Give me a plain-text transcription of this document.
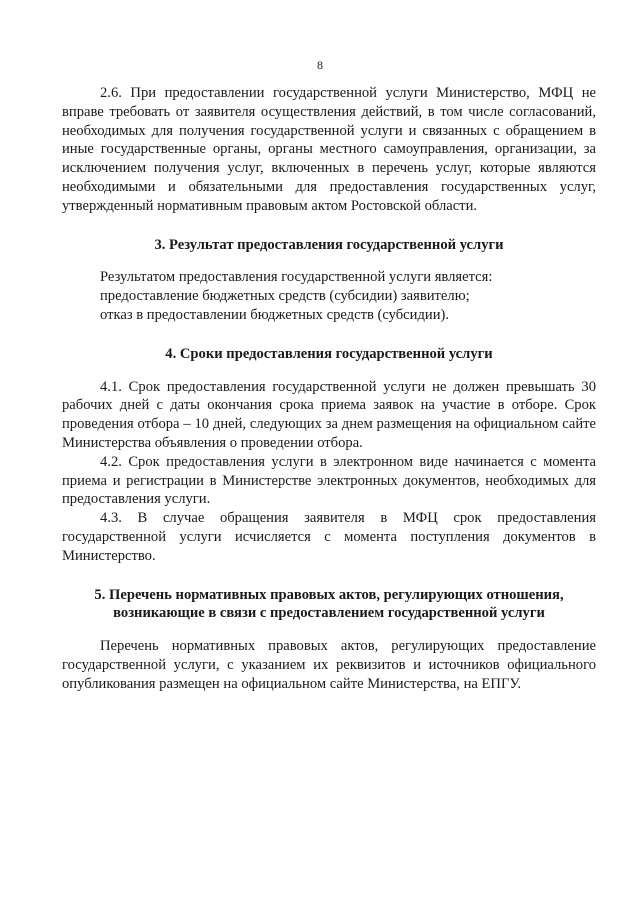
8

2.6. При предоставлении государственной услуги Министерство, МФЦ не вправе требовать от заявителя осуществления действий, в том числе согласований, необходимых для получения государственной услуги и связанных с обращением в иные государственные органы, органы местного самоуправления, организации, за исключением получения услуг, включенных в перечень услуг, которые являются необходимыми и обязательными для предоставления государственных услуг, утвержденный нормативным правовым актом Ростовской области.

3. Результат предоставления государственной услуги

Результатом предоставления государственной услуги является:

предоставление бюджетных средств (субсидии) заявителю;

отказ в предоставлении бюджетных средств (субсидии).

4. Сроки предоставления государственной услуги

4.1. Срок предоставления государственной услуги не должен превышать 30 рабочих дней с даты окончания срока приема заявок на участие в отборе. Срок проведения отбора – 10 дней, следующих за днем размещения на официальном сайте Министерства объявления о проведении отбора.

4.2. Срок предоставления услуги в электронном виде начинается с момента приема и регистрации в Министерстве электронных документов, необходимых для предоставления услуги.

4.3. В случае обращения заявителя в МФЦ срок предоставления государственной услуги исчисляется с момента поступления документов в Министерство.

5. Перечень нормативных правовых актов, регулирующих отношения,
возникающие в связи с предоставлением государственной услуги

Перечень нормативных правовых актов, регулирующих предоставление государственной услуги, с указанием их реквизитов и источников официального опубликования размещен на официальном сайте Министерства, на ЕПГУ.
